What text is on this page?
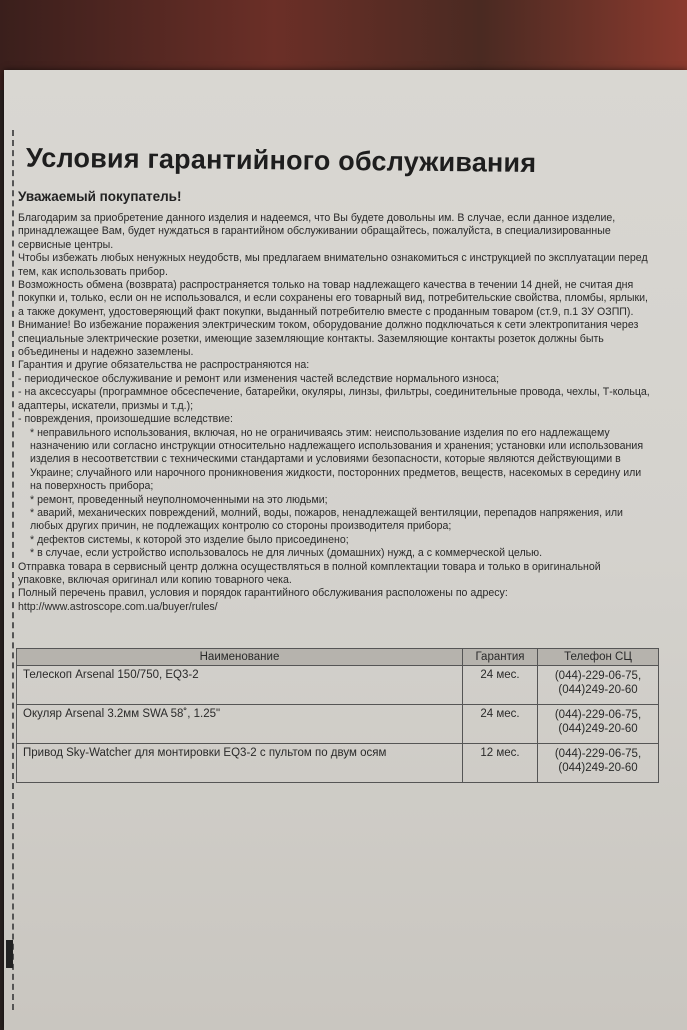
Условия гарантийного обслуживания
Уважаемый покупатель!

Благодарим за приобретение данного изделия и надеемся, что Вы будете довольны им. В случае, если данное изделие, принадлежащее Вам, будет нуждаться в гарантийном обслуживании обращайтесь, пожалуйста, в специализированные сервисные центры.

Чтобы избежать любых ненужных неудобств, мы предлагаем внимательно ознакомиться с инструкцией по эксплуатации перед тем, как использовать прибор.

Возможность обмена (возврата) распространяется только на товар надлежащего качества в течении 14 дней, не считая дня покупки и, только, если он не использовался, и если сохранены его товарный вид, потребительские свойства, пломбы, ярлыки, а также документ, удостоверяющий факт покупки, выданный потребителю вместе с проданным товаром (ст.9, п.1 ЗУ ОЗПП).

Внимание! Во избежание поражения электрическим током, оборудование должно подключаться к сети электропитания через специальные электрические розетки, имеющие заземляющие контакты. Заземляющие контакты розеток должны быть объединены и надежно заземлены.

Гарантия и другие обязательства не распространяются на:

- периодическое обслуживание и ремонт или изменения частей вследствие нормального износа;

- на аксессуары (программное обсеспечение, батарейки, окуляры, линзы, фильтры, соединительные провода, чехлы, Т-кольца, адаптеры, искатели, призмы и т.д.);

- повреждения, произошедшие вследствие:

* неправильного использования, включая, но не ограничиваясь этим: неиспользование изделия по его надлежащему назначению или согласно инструкции относительно надлежащего использования и хранения; установки или использования изделия в несоответствии с техническими стандартами и условиями безопасности, которые являются действующими в Украине; случайного или нарочного проникновения жидкости, посторонних предметов, веществ, насекомых в середину или на поверхность прибора;

* ремонт, проведенный неуполномоченными на это людьми;

* аварий, механических повреждений, молний, воды, пожаров, ненадлежащей вентиляции, перепадов напряжения, или любых других причин, не подлежащих контролю со стороны производителя прибора;

* дефектов системы, к которой это изделие было присоединено;

* в случае, если устройство использовалось не для личных (домашних) нужд, а с коммерческой целью.

Отправка товара в сервисный центр должна осуществляться в полной комплектации товара и только в оригинальной упаковке, включая оригинал или копию товарного чека.

Полный перечень правил, условия и порядок гарантийного обслуживания расположены по адресу:

http://www.astroscope.com.ua/buyer/rules/

Наименование	Гарантия	Телефон СЦ
Телескоп Arsenal 150/750, EQ3-2	24 мес.	(044)-229-06-75,
(044)249-20-60

Окуляр Arsenal 3.2мм SWA 58˚, 1.25"	24 мес.	(044)-229-06-75,
(044)249-20-60

Привод Sky-Watcher для монтировки EQ3-2 с пультом по двум осям	12 мес.	(044)-229-06-75,
(044)249-20-60
